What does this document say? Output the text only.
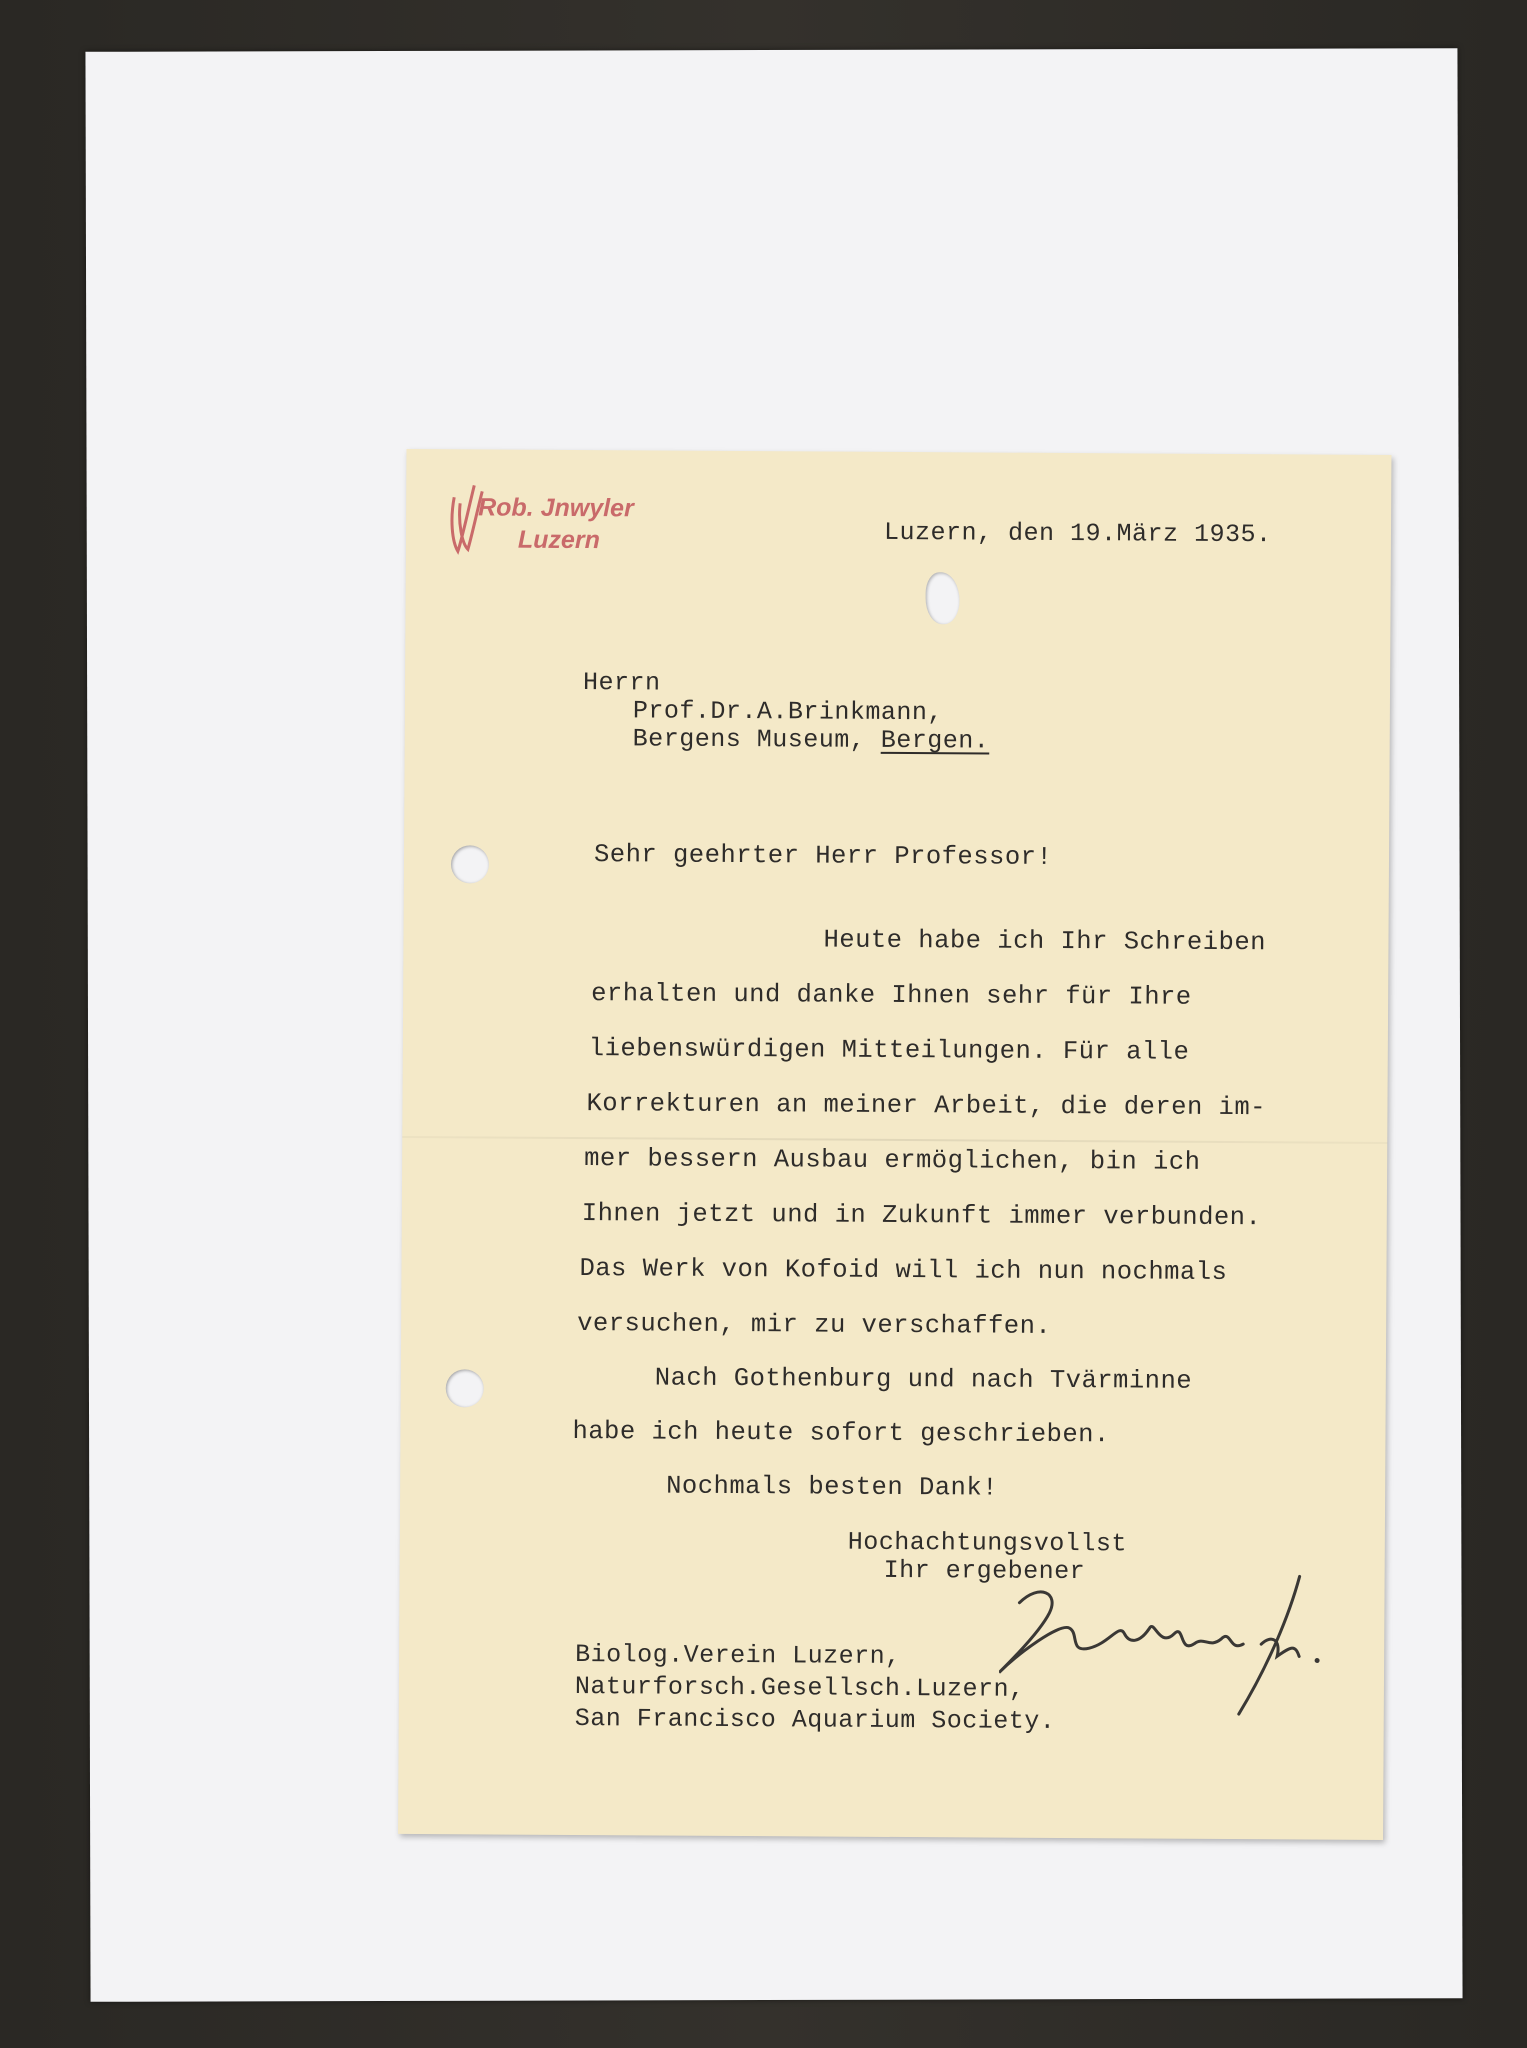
Rob. Jnwyler
Luzern	Luzern, den 19.März 1935.
Herrn
Prof.Dr.A.Brinkmann,
Bergens Museum, Bergen.
Sehr geehrter Herr Professor!
Heute habe ich Ihr Schreiben
erhalten und danke Ihnen sehr für Ihre
liebenswürdigen Mitteilungen. Für alle
Korrekturen an meiner Arbeit, die deren im-
mer bessern Ausbau ermöglichen, bin ich
Ihnen jetzt und in Zukunft immer verbunden.
Das Werk von Kofoid will ich nun nochmals
versuchen, mir zu verschaffen.
Nach Gothenburg und nach Tvärminne
habe ich heute sofort geschrieben.
Nochmals besten Dank!
Hochachtungsvollst
Ihr ergebener
Biolog.Verein Luzern,
Naturforsch.Gesellsch.Luzern,
San Francisco Aquarium Society.
